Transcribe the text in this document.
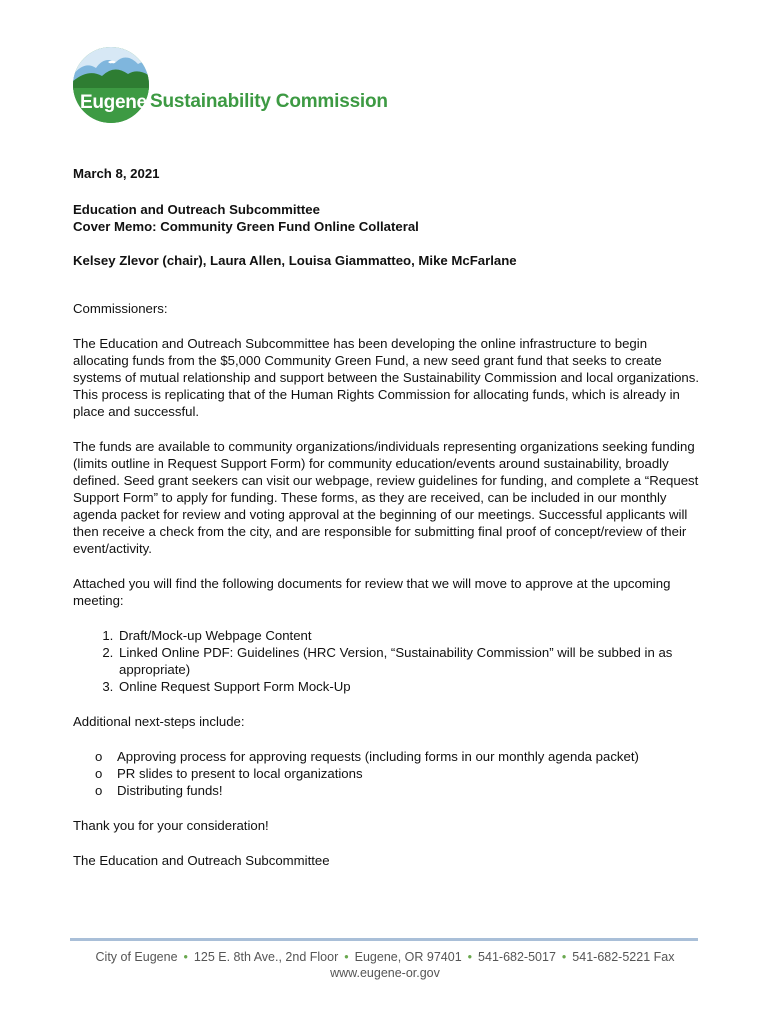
Eugene Sustainability Commission

March 8, 2021

Education and Outreach Subcommittee

Cover Memo: Community Green Fund Online Collateral

Kelsey Zlevor (chair), Laura Allen, Louisa Giammatteo, Mike McFarlane

Commissioners:

The Education and Outreach Subcommittee has been developing the online infrastructure to begin allocating funds from the $5,000 Community Green Fund, a new seed grant fund that seeks to create systems of mutual relationship and support between the Sustainability Commission and local organizations. This process is replicating that of the Human Rights Commission for allocating funds, which is already in place and successful.

The funds are available to community organizations/individuals representing organizations seeking funding (limits outline in Request Support Form) for community education/events around sustainability, broadly defined. Seed grant seekers can visit our webpage, review guidelines for funding, and complete a “Request Support Form” to apply for funding. These forms, as they are received, can be included in our monthly agenda packet for review and voting approval at the beginning of our meetings. Successful applicants will then receive a check from the city, and are responsible for submitting final proof of concept/review of their event/activity.

Attached you will find the following documents for review that we will move to approve at the upcoming meeting:

1. Draft/Mock-up Webpage Content
2. Linked Online PDF: Guidelines (HRC Version, “Sustainability Commission” will be subbed in as appropriate)
3. Online Request Support Form Mock-Up

Additional next-steps include:

o Approving process for approving requests (including forms in our monthly agenda packet)
o PR slides to present to local organizations
o Distributing funds!

Thank you for your consideration!

The Education and Outreach Subcommittee

City of Eugene • 125 E. 8th Ave., 2nd Floor • Eugene, OR 97401 • 541-682-5017 • 541-682-5221 Fax
www.eugene-or.gov
